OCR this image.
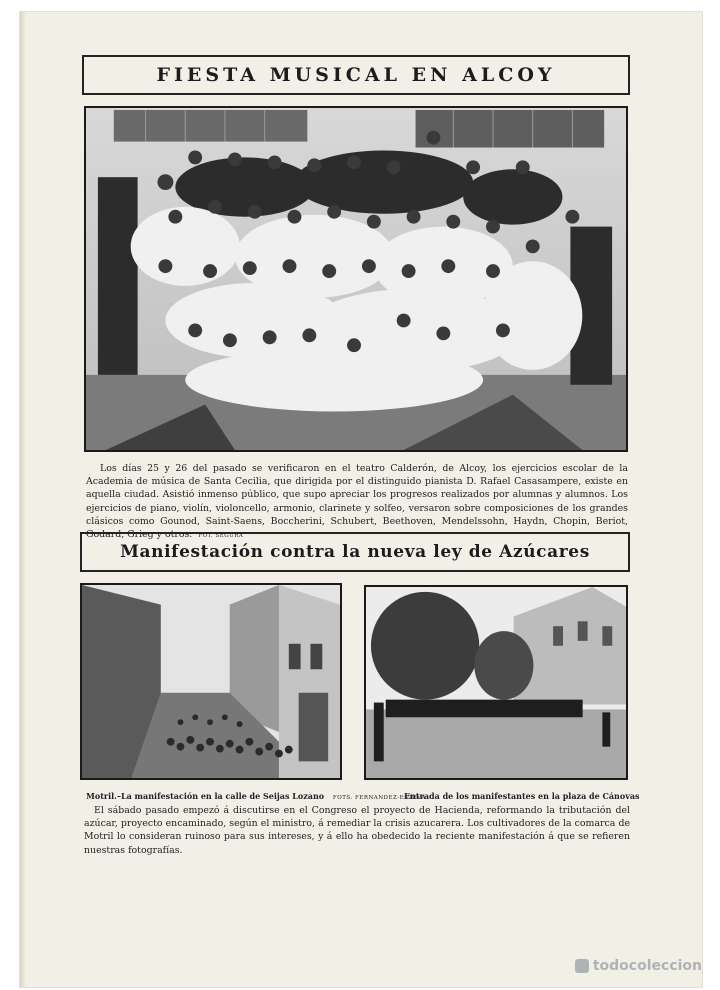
FIESTA MUSICAL EN ALCOY
Los días 25 y 26 del pasado se verificaron en el teatro Calderón, de Alcoy, los ejercicios escolar de la Academia de música de Santa Cecilia, que dirigida por el distinguido pianista D. Rafael Casasampere, existe en aquella ciudad. Asistió inmenso público, que supo apreciar los progresos realizados por alumnas y alumnos. Los ejercicios de piano, violín, violoncello, armonio, clarinete y solfeo, versaron sobre composiciones de los grandes clásicos como Gounod, Saint-Saens, Boccherini, Schubert, Beethoven, Mendelssohn, Haydn, Chopin, Beriot, Godard, Grieg y otros. FOT. SEGURA
Manifestación contra la nueva ley de Azúcares
Motril.–La manifestación en la calle de Seijas Lozano FOTS. FERNANDEZ-ESTEVA
Entrada de los manifestantes en la plaza de Cánovas
El sábado pasado empezó á discutirse en el Congreso el proyecto de Hacienda, reformando la tributación del azúcar, proyecto encaminado, según el ministro, á remediar la crisis azucarera. Los cultivadores de la comarca de Motril lo consideran ruinoso para sus intereses, y á ello ha obedecido la reciente manifestación á que se refieren nuestras fotografías.
todocoleccion
